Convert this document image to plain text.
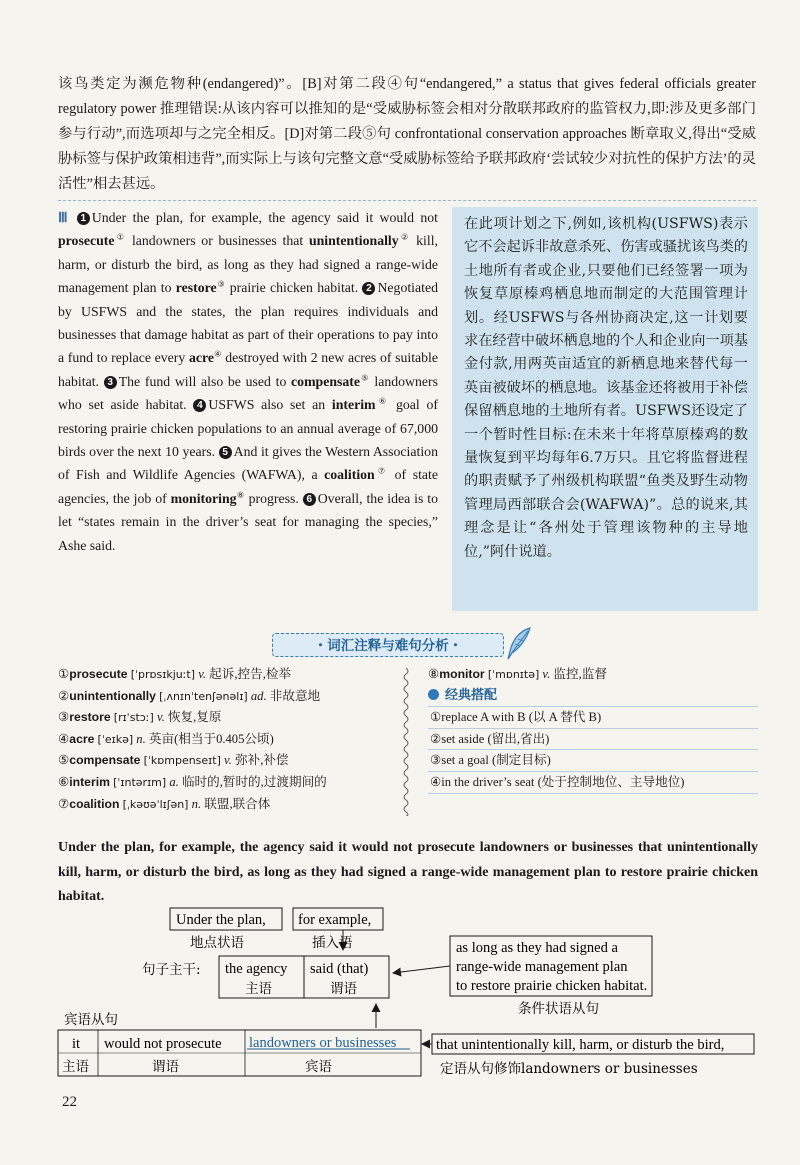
该鸟类定为濒危物种(endangered)”。[B]对第二段④句“endangered,” a status that gives federal officials greater regulatory power 推理错误:从该内容可以推知的是“受威胁标签会相对分散联邦政府的监管权力,即:涉及更多部门参与行动”,而选项却与之完全相反。[D]对第二段⑤句 confrontational conservation approaches 断章取义,得出“受威胁标签与保护政策相违背”,而实际上与该句完整文意“受威胁标签给予联邦政府‘尝试较少对抗性的保护方法’的灵活性”相去甚远。
Ⅲ 1 Under the plan, for example, the agency said it would not prosecute① landowners or businesses that unintentionally② kill, harm, or disturb the bird, as long as they had signed a range-wide management plan to restore③ prairie chicken habitat. 2 Negotiated by USFWS and the states, the plan requires individuals and businesses that damage habitat as part of their operations to pay into a fund to replace every acre④ destroyed with 2 new acres of suitable habitat. 3 The fund will also be used to compensate⑤ landowners who set aside habitat. 4 USFWS also set an interim⑥ goal of restoring prairie chicken populations to an annual average of 67,000 birds over the next 10 years. 5 And it gives the Western Association of Fish and Wildlife Agencies (WAFWA), a coalition⑦ of state agencies, the job of monitoring⑧ progress. 6 Overall, the idea is to let “states remain in the driver’s seat for managing the species,” Ashe said.
在此项计划之下,例如,该机构(USFWS)表示它不会起诉非故意杀死、伤害或骚扰该鸟类的土地所有者或企业,只要他们已经签署一项为恢复草原榛鸡栖息地而制定的大范围管理计划。经USFWS与各州协商决定,这一计划要求在经营中破坏栖息地的个人和企业向一项基金付款,用两英亩适宜的新栖息地来替代每一英亩被破坏的栖息地。该基金还将被用于补偿保留栖息地的土地所有者。USFWS还设定了一个暂时性目标:在未来十年将草原榛鸡的数量恢复到平均每年6.7万只。且它将监督进程的职责赋予了州级机构联盟“鱼类及野生动物管理局西部联合会(WAFWA)”。总的说来,其理念是让“各州处于管理该物种的主导地位,”阿什说道。
・词汇注释与难句分析・
①prosecute [ˈprɒsɪkjuːt] v. 起诉,控告,检举
②unintentionally [ˌʌnɪnˈtenʃənəlɪ] ad. 非故意地
③restore [rɪˈstɔː] v. 恢复,复原
④acre [ˈeɪkə] n. 英亩(相当于0.405公顷)
⑤compensate [ˈkɒmpenseɪt] v. 弥补,补偿
⑥interim [ˈɪntərɪm] a. 临时的,暂时的,过渡期间的
⑦coalition [ˌkəʊəˈlɪʃən] n. 联盟,联合体
⑧monitor [ˈmɒnɪtə] v. 监控,监督
经典搭配
①replace A with B (以 A 替代 B)
②set aside (留出,省出)
③set a goal (制定目标)
④in the driver’s seat (处于控制地位、主导地位)
Under the plan, for example, the agency said it would not prosecute landowners or businesses that unintentionally kill, harm, or disturb the bird, as long as they had signed a range-wide management plan to restore prairie chicken habitat.
Under the plan,
地点状语
for example,
插入语
句子主干: the agency
主语
said (that)
谓语
as long as they had signed a
range-wide management plan
to restore prairie chicken habitat.
条件状语从句
宾语从句
it
主语
would not prosecute
谓语
landowners or businesses
宾语
that unintentionally kill, harm, or disturb the bird,
定语从句修饰landowners or businesses
22
